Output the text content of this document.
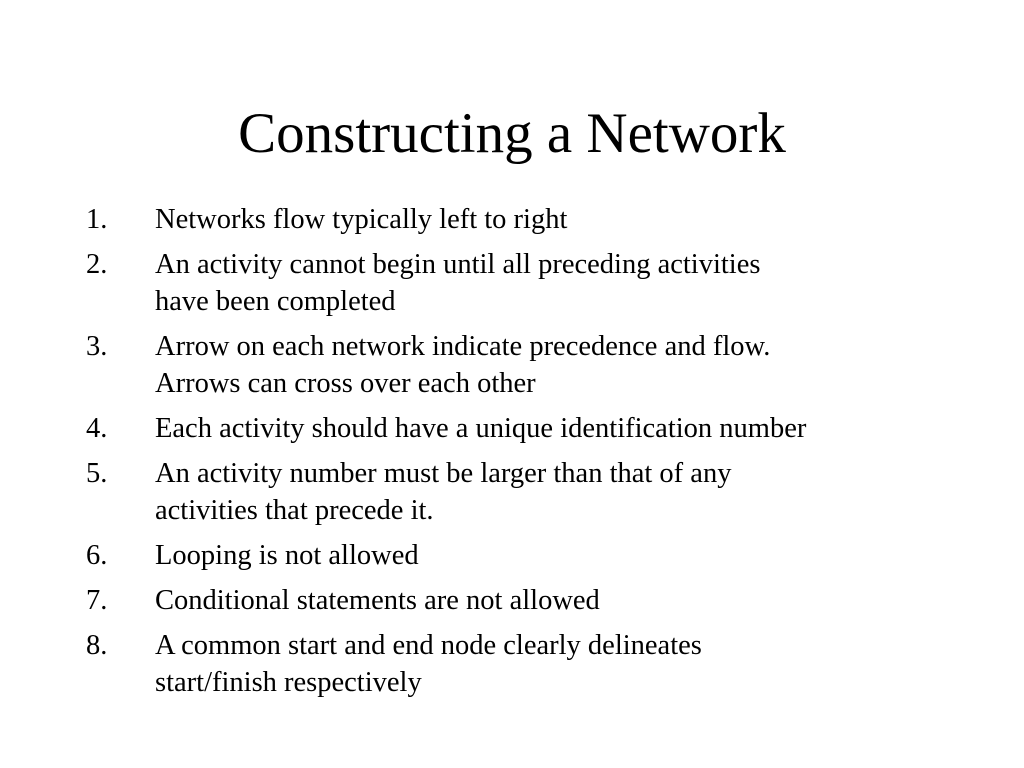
Constructing a Network
1.	Networks flow typically left to right
2.	An activity cannot begin until all preceding activities
have been completed
3.	Arrow on each network indicate precedence and flow.
Arrows can cross over each other
4.	Each activity should have a unique identification number
5.	An activity number must be larger than that of any
activities that precede it.
6.	Looping is not allowed
7.	Conditional statements are not allowed
8.	A common start and end node clearly delineates
start/finish respectively
